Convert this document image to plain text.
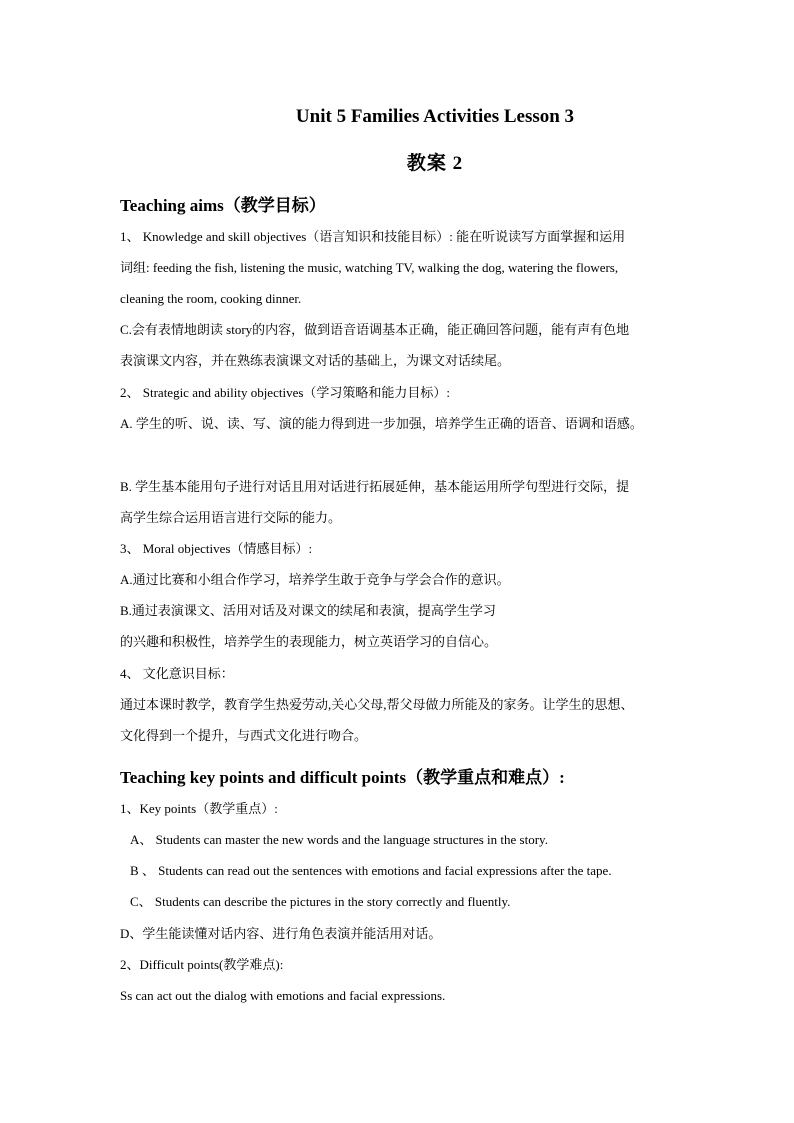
Unit 5 Families Activities Lesson 3
教案 2
Teaching aims（教学目标）
1、 Knowledge and skill objectives（语言知识和技能目标）: 能在听说读写方面掌握和运用
词组: feeding the fish, listening the music, watching TV, walking the dog, watering the flowers,
cleaning the room, cooking dinner.
C.会有表情地朗读 story的内容，做到语音语调基本正确，能正确回答问题，能有声有色地
表演课文内容，并在熟练表演课文对话的基础上，为课文对话续尾。
2、 Strategic and ability objectives（学习策略和能力目标）:
A. 学生的听、说、读、写、演的能力得到进一步加强，培养学生正确的语音、语调和语感。
B. 学生基本能用句子进行对话且用对话进行拓展延伸，基本能运用所学句型进行交际，提
高学生综合运用语言进行交际的能力。
3、 Moral objectives（情感目标）:
A.通过比赛和小组合作学习，培养学生敢于竞争与学会合作的意识。
B.通过表演课文、活用对话及对课文的续尾和表演，提高学生学习
的兴趣和积极性，培养学生的表现能力，树立英语学习的自信心。
4、 文化意识目标：
通过本课时教学，教育学生热爱劳动,关心父母,帮父母做力所能及的家务。让学生的思想、
文化得到一个提升，与西式文化进行吻合。
Teaching key points and difficult points（教学重点和难点）:
1、Key points（教学重点）:
A、 Students can master the new words and the language structures in the story.
B 、 Students can read out the sentences with emotions and facial expressions after the tape.
C、 Students can describe the pictures in the story correctly and fluently.
D、学生能读懂对话内容、进行角色表演并能活用对话。
2、Difficult points(教学难点):
Ss can act out the dialog with emotions and facial expressions.
